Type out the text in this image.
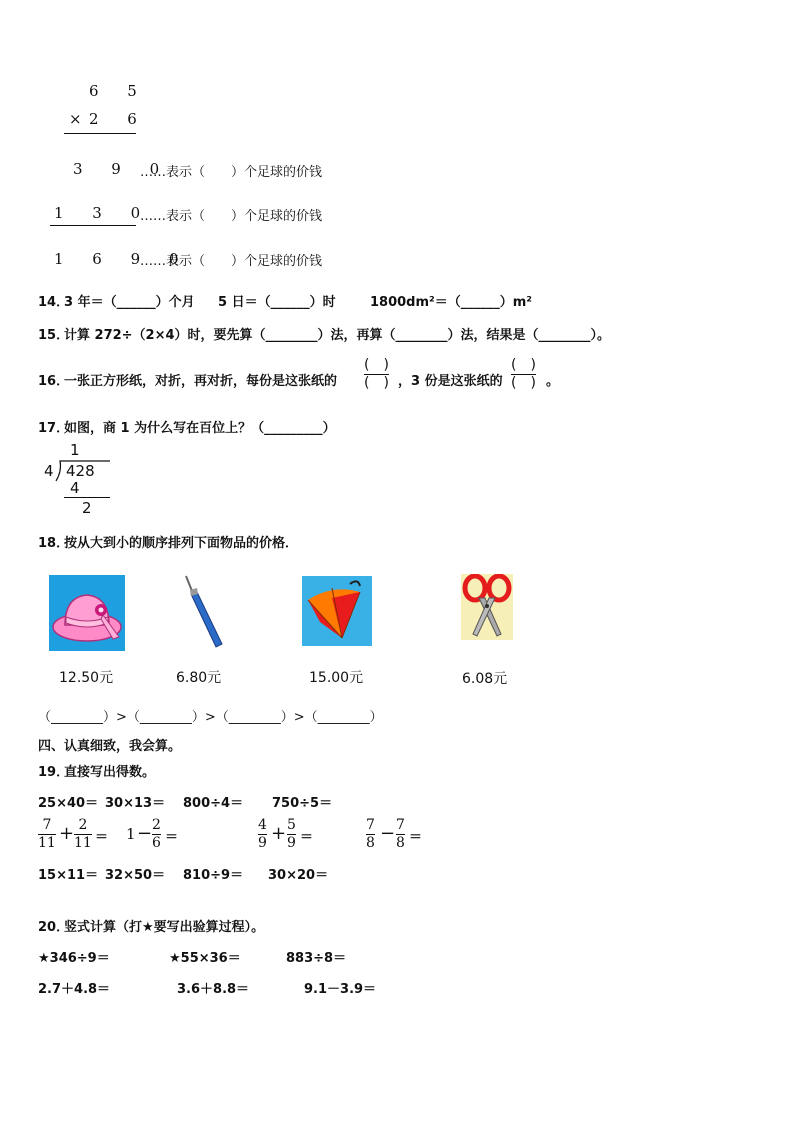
6 5
× 2 6
3 9 0
……表示（　　）个足球的价钱
1 3 0
……表示（　　）个足球的价钱
1 6 9 0
……表示（　　）个足球的价钱
14．
3 年＝（______）个月 5 日＝（______）时	1800dm²＝（______）m²
15．
计算 272÷（2×4）时，要先算（________）法，再算（________）法，结果是（________）。
16．
一张正方形纸，对折，再对折，每份是这张纸的
(　)
(　) ，3 份是这张纸的
(　)
(　) 。
17．
如图，商 1 为什么写在百位上？（_________）
1
4 428
4
2
18．
按从大到小的顺序排列下面物品的价格．
12.50元	6.80元	15.00元	6.08元
（________）>（________）>（________）>（________）
四、认真细致，我会算。
19．
直接写出得数。
25×40＝ 30×13＝ 800÷4＝ 750÷5＝
7
11 + 2
11 ＝ 1 − 2
6 ＝
4
9 + 5
9 ＝
7
8 − 7
8 ＝
15×11＝ 32×50＝ 810÷9＝ 30×20＝
20．
竖式计算（打★要写出验算过程）。
★346÷9＝	★55×36＝	883÷8＝
2.7＋4.8＝	3.6＋8.8＝	9.1－3.9＝
